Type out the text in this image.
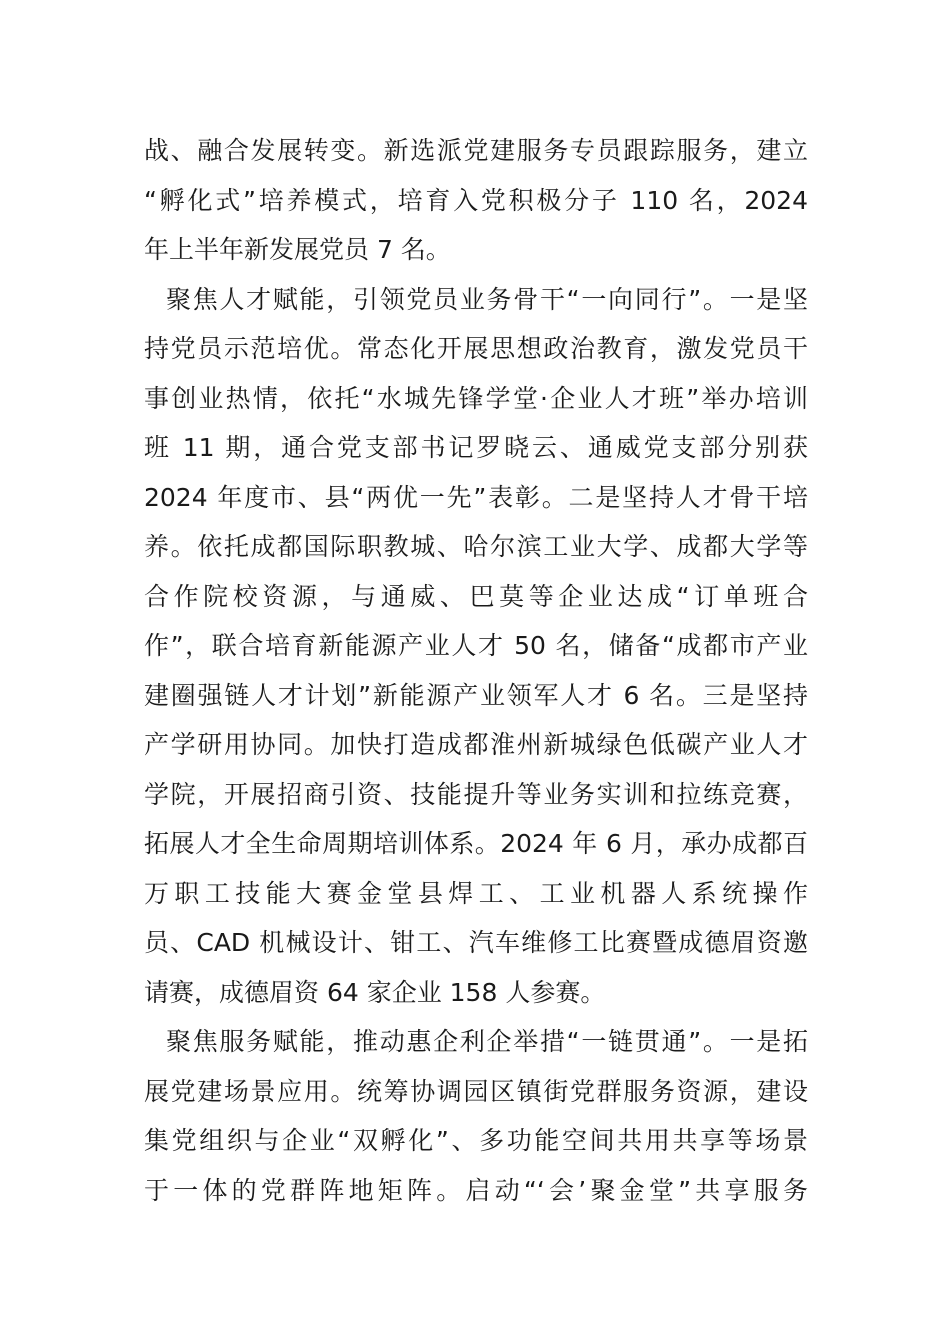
战、融合发展转变。新选派党建服务专员跟踪服务，建立
“孵化式”培养模式，培育入党积极分子 110 名，2024
年上半年新发展党员 7 名。
聚焦人才赋能，引领党员业务骨干“一向同行”。一是坚
持党员示范培优。常态化开展思想政治教育，激发党员干
事创业热情，依托“水城先锋学堂·企业人才班”举办培训
班 11 期，通合党支部书记罗晓云、通威党支部分别获
2024 年度市、县“两优一先”表彰。二是坚持人才骨干培
养。依托成都国际职教城、哈尔滨工业大学、成都大学等
合作院校资源，与通威、巴莫等企业达成“订单班合
作”，联合培育新能源产业人才 50 名，储备“成都市产业
建圈强链人才计划”新能源产业领军人才 6 名。三是坚持
产学研用协同。加快打造成都淮州新城绿色低碳产业人才
学院，开展招商引资、技能提升等业务实训和拉练竞赛，
拓展人才全生命周期培训体系。2024 年 6 月，承办成都百
万职工技能大赛金堂县焊工、工业机器人系统操作
员、CAD 机械设计、钳工、汽车维修工比赛暨成德眉资邀
请赛，成德眉资 64 家企业 158 人参赛。
聚焦服务赋能，推动惠企利企举措“一链贯通”。一是拓
展党建场景应用。统筹协调园区镇街党群服务资源，建设
集党组织与企业“双孵化”、多功能空间共用共享等场景
于一体的党群阵地矩阵。启动“‘会’聚金堂”共享服务
